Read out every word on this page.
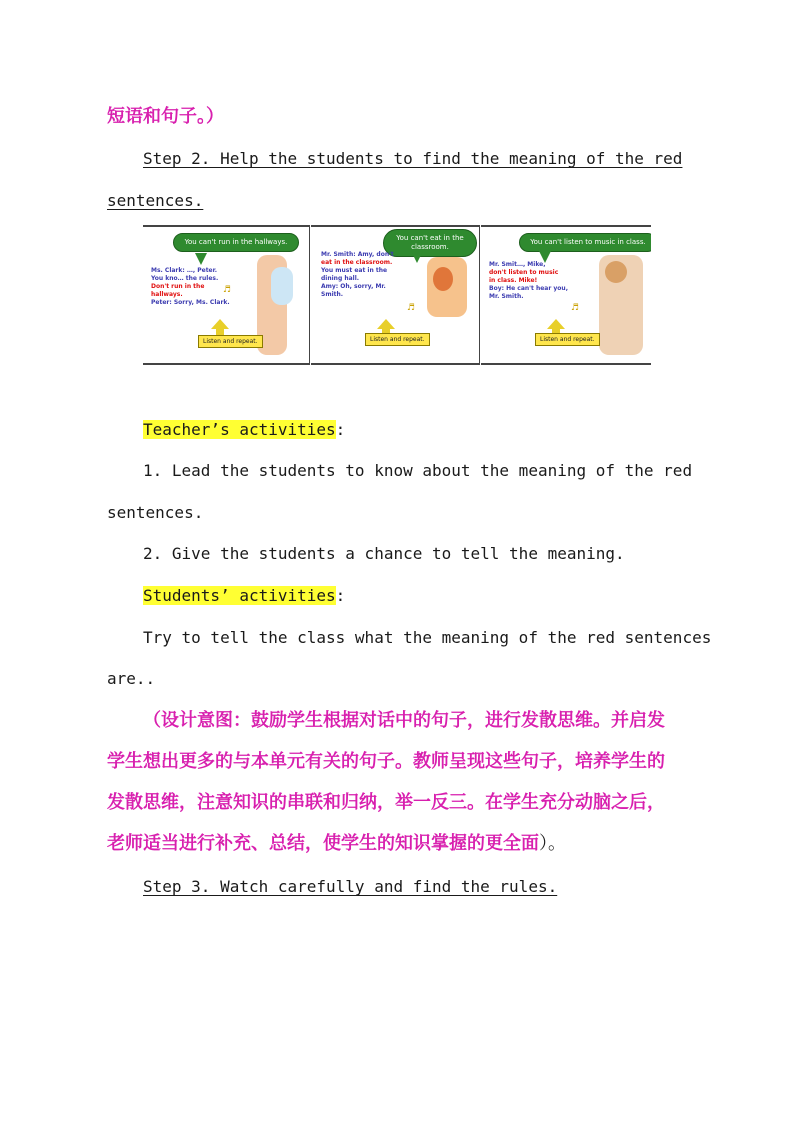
短语和句子。）
Step 2. Help the students to find the meaning of the red
sentences.
You can't run in the hallways.
Ms. Clark: …, Peter.
You kno… the rules.
Don't run in the
hallways.
Peter: Sorry, Ms. Clark.
♬
Listen and repeat.
You can't eat in the classroom.
Mr. Smith: Amy, don't
eat in the classroom.
You must eat in the
dining hall.
Amy: Oh, sorry, Mr.
Smith.
♬
Listen and repeat.
You can't listen to music in class.
Mr. Smit…, Mike,
don't listen to music
in class. Mike!
Boy: He can't hear you,
Mr. Smith.
♬
Listen and repeat.
Teacher’s activities:
1. Lead the students to know about the meaning of the red
sentences.
2. Give the students a chance to tell the meaning.
Students’ activities:
Try to tell the class what the meaning of the red sentences
are..
（设计意图：鼓励学生根据对话中的句子，进行发散思维。并启发
学生想出更多的与本单元有关的句子。教师呈现这些句子，培养学生的
发散思维，注意知识的串联和归纳，举一反三。在学生充分动脑之后，
老师适当进行补充、总结，使学生的知识掌握的更全面）。
Step 3. Watch carefully and find the rules.
